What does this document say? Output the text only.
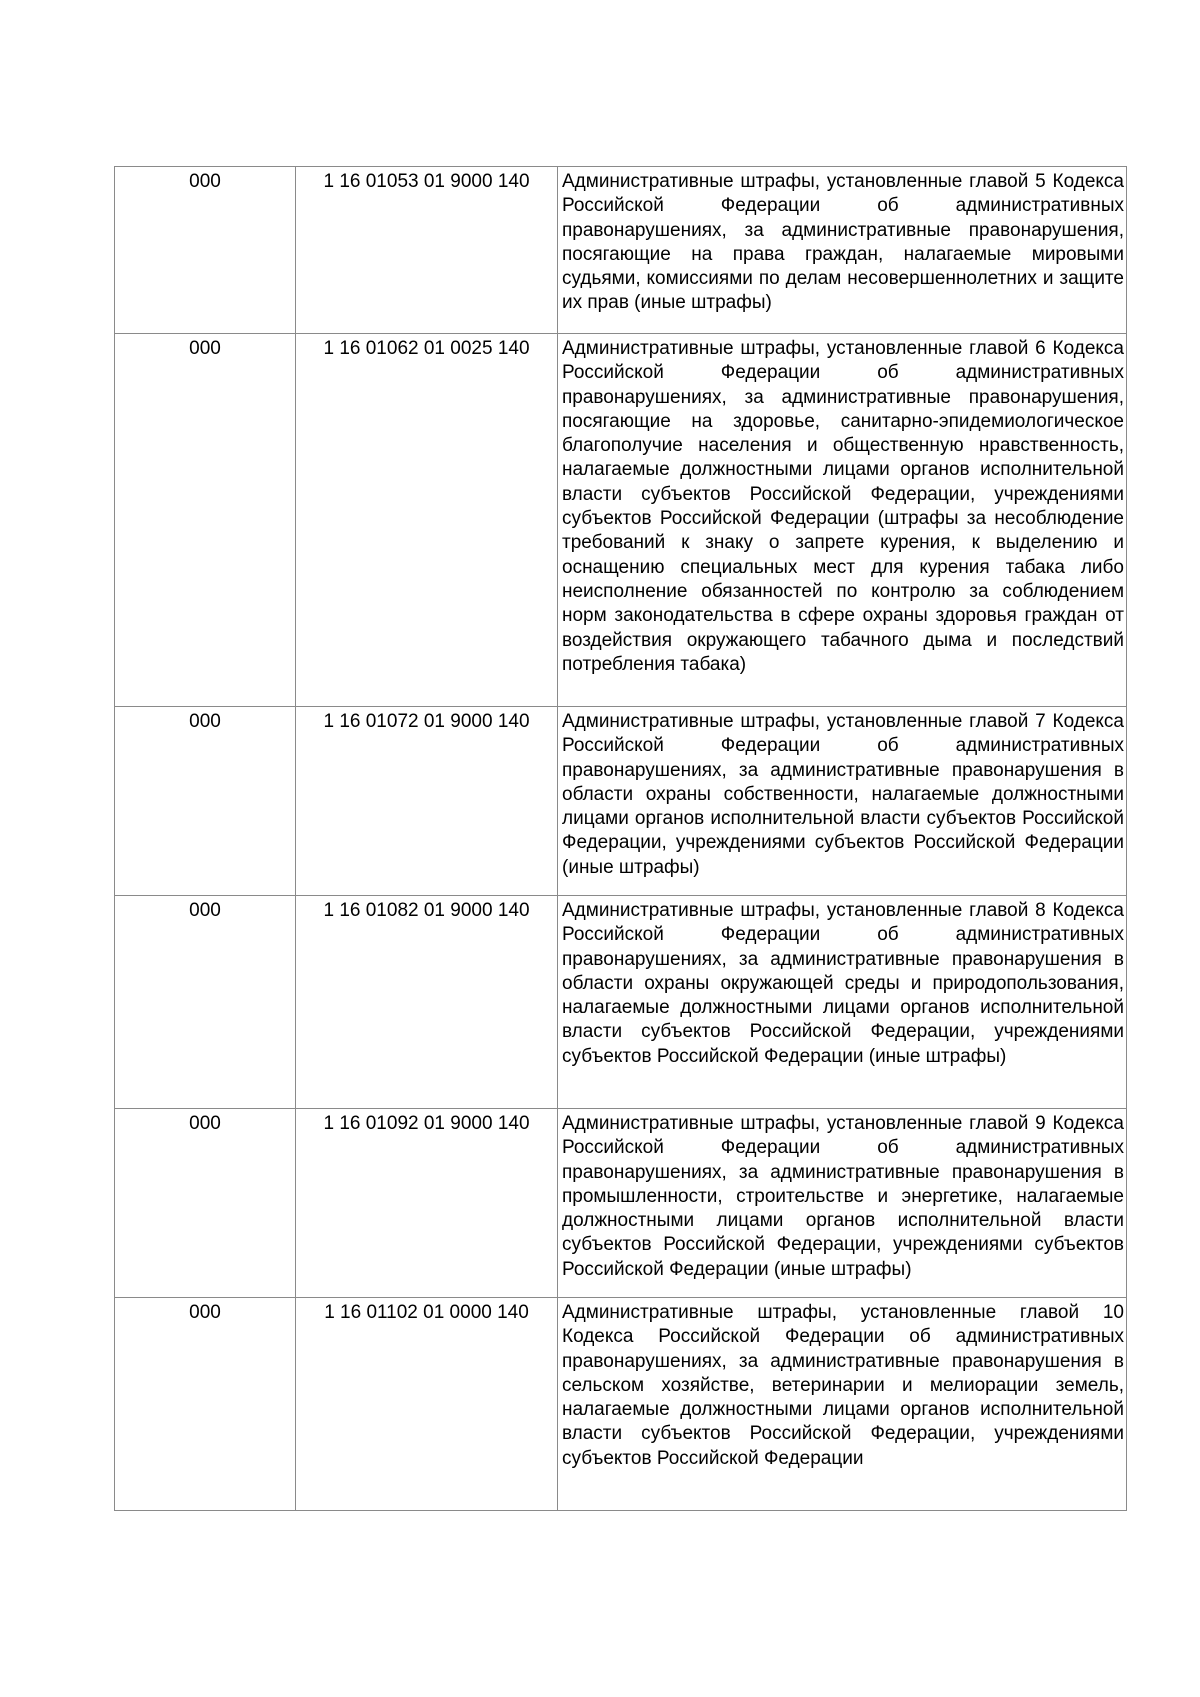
000	1 16 01053 01 9000 140	Административные штрафы, установленные главой 5 Кодекса Российской Федерации об административных правонарушениях, за административные правонарушения, посягающие на права граждан, налагаемые мировыми судьями, комиссиями по делам несовершеннолетних и защите их прав (иные штрафы)

000	1 16 01062 01 0025 140	Административные штрафы, установленные главой 6 Кодекса Российской Федерации об административных правонарушениях, за административные правонарушения, посягающие на здоровье, санитарно-эпидемиологическое благополучие населения и общественную нравственность, налагаемые должностными лицами органов исполнительной власти субъектов Российской Федерации, учреждениями субъектов Российской Федерации (штрафы за несоблюдение требований к знаку о запрете курения, к выделению и оснащению специальных мест для курения табака либо неисполнение обязанностей по контролю за соблюдением норм законодательства в сфере охраны здоровья граждан от воздействия окружающего табачного дыма и последствий потребления табака)

000	1 16 01072 01 9000 140	Административные штрафы, установленные главой 7 Кодекса Российской Федерации об административных правонарушениях, за административные правонарушения в области охраны собственности, налагаемые должностными лицами органов исполнительной власти субъектов Российской Федерации, учреждениями субъектов Российской Федерации (иные штрафы)

000	1 16 01082 01 9000 140	Административные штрафы, установленные главой 8 Кодекса Российской Федерации об административных правонарушениях, за административные правонарушения в области охраны окружающей среды и природопользования, налагаемые должностными лицами органов исполнительной власти субъектов Российской Федерации, учреждениями субъектов Российской Федерации (иные штрафы)

000	1 16 01092 01 9000 140	Административные штрафы, установленные главой 9 Кодекса Российской Федерации об административных правонарушениях, за административные правонарушения в промышленности, строительстве и энергетике, налагаемые должностными лицами органов исполнительной власти субъектов Российской Федерации, учреждениями субъектов Российской Федерации (иные штрафы)

000	1 16 01102 01 0000 140	Административные штрафы, установленные главой 10 Кодекса Российской Федерации об административных правонарушениях, за административные правонарушения в сельском хозяйстве, ветеринарии и мелиорации земель, налагаемые должностными лицами органов исполнительной власти субъектов Российской Федерации, учреждениями субъектов Российской Федерации
